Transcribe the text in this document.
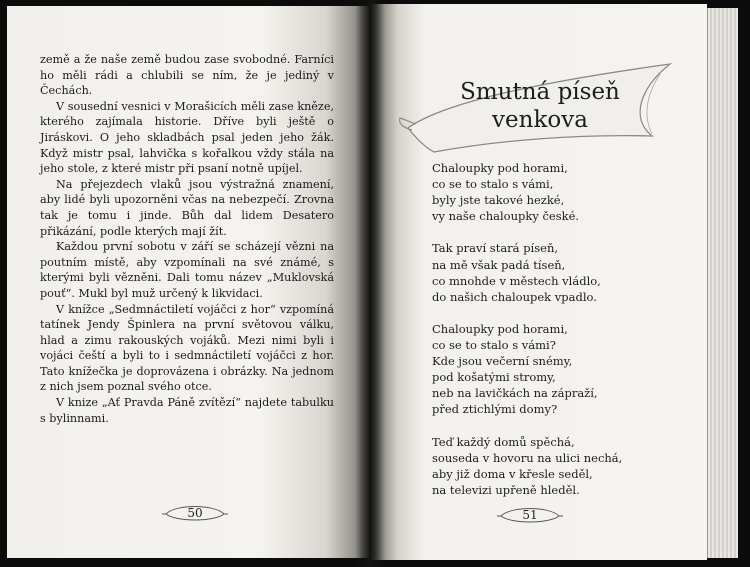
země a že naše země budou zase svobodné. Farníci ho měli rádi a chlubili se ním, že je jediný v Čechách.

V sousední vesnici v Morašicích měli zase kněze, kterého zajímala historie. Dříve byli ještě o Jiráskovi. O jeho skladbách psal jeden jeho žák. Když mistr psal, lahvička s kořalkou vždy stála na jeho stole, z které mistr při psaní notně upíjel.

Na přejezdech vlaků jsou výstražná znamení, aby lidé byli upozorněni včas na nebezpečí. Zrovna tak je tomu i jinde. Bůh dal lidem Desatero přikázání, podle kterých mají žít.

Každou první sobotu v září se scházejí vězni na poutním místě, aby vzpomínali na své známé, s kterými byli vězněni. Dali tomu název „Muklovská pouť“. Mukl byl muž určený k likvidaci.

V knížce „Sedmnáctiletí vojáčci z hor“ vzpomíná tatínek Jendy Špinlera na první světovou válku, hlad a zimu rakouských vojáků. Mezi nimi byli i vojáci čeští a byli to i sedmnáctiletí vojáčci z hor. Tato knížečka je doprovázena i obrázky. Na jednom z nich jsem poznal svého otce.

V knize „Ať Pravda Páně zvítězí“ najdete tabulku s bylinnami.

Smutná píseň
venkova
Chaloupky pod horami,
co se to stalo s vámi,
byly jste takové hezké,
vy naše chaloupky české.
Tak praví stará píseň,
na mě však padá tíseň,
co mnohde v městech vládlo,
do našich chaloupek vpadlo.
Chaloupky pod horami,
co se to stalo s vámi?
Kde jsou večerní snémy,
pod košatými stromy,
neb na lavičkách na zápraží,
před ztichlými domy?
Teď každý domů spěchá,
souseda v hovoru na ulici nechá,
aby již doma v křesle seděl,
na televizi upřeně hleděl.
50	51
